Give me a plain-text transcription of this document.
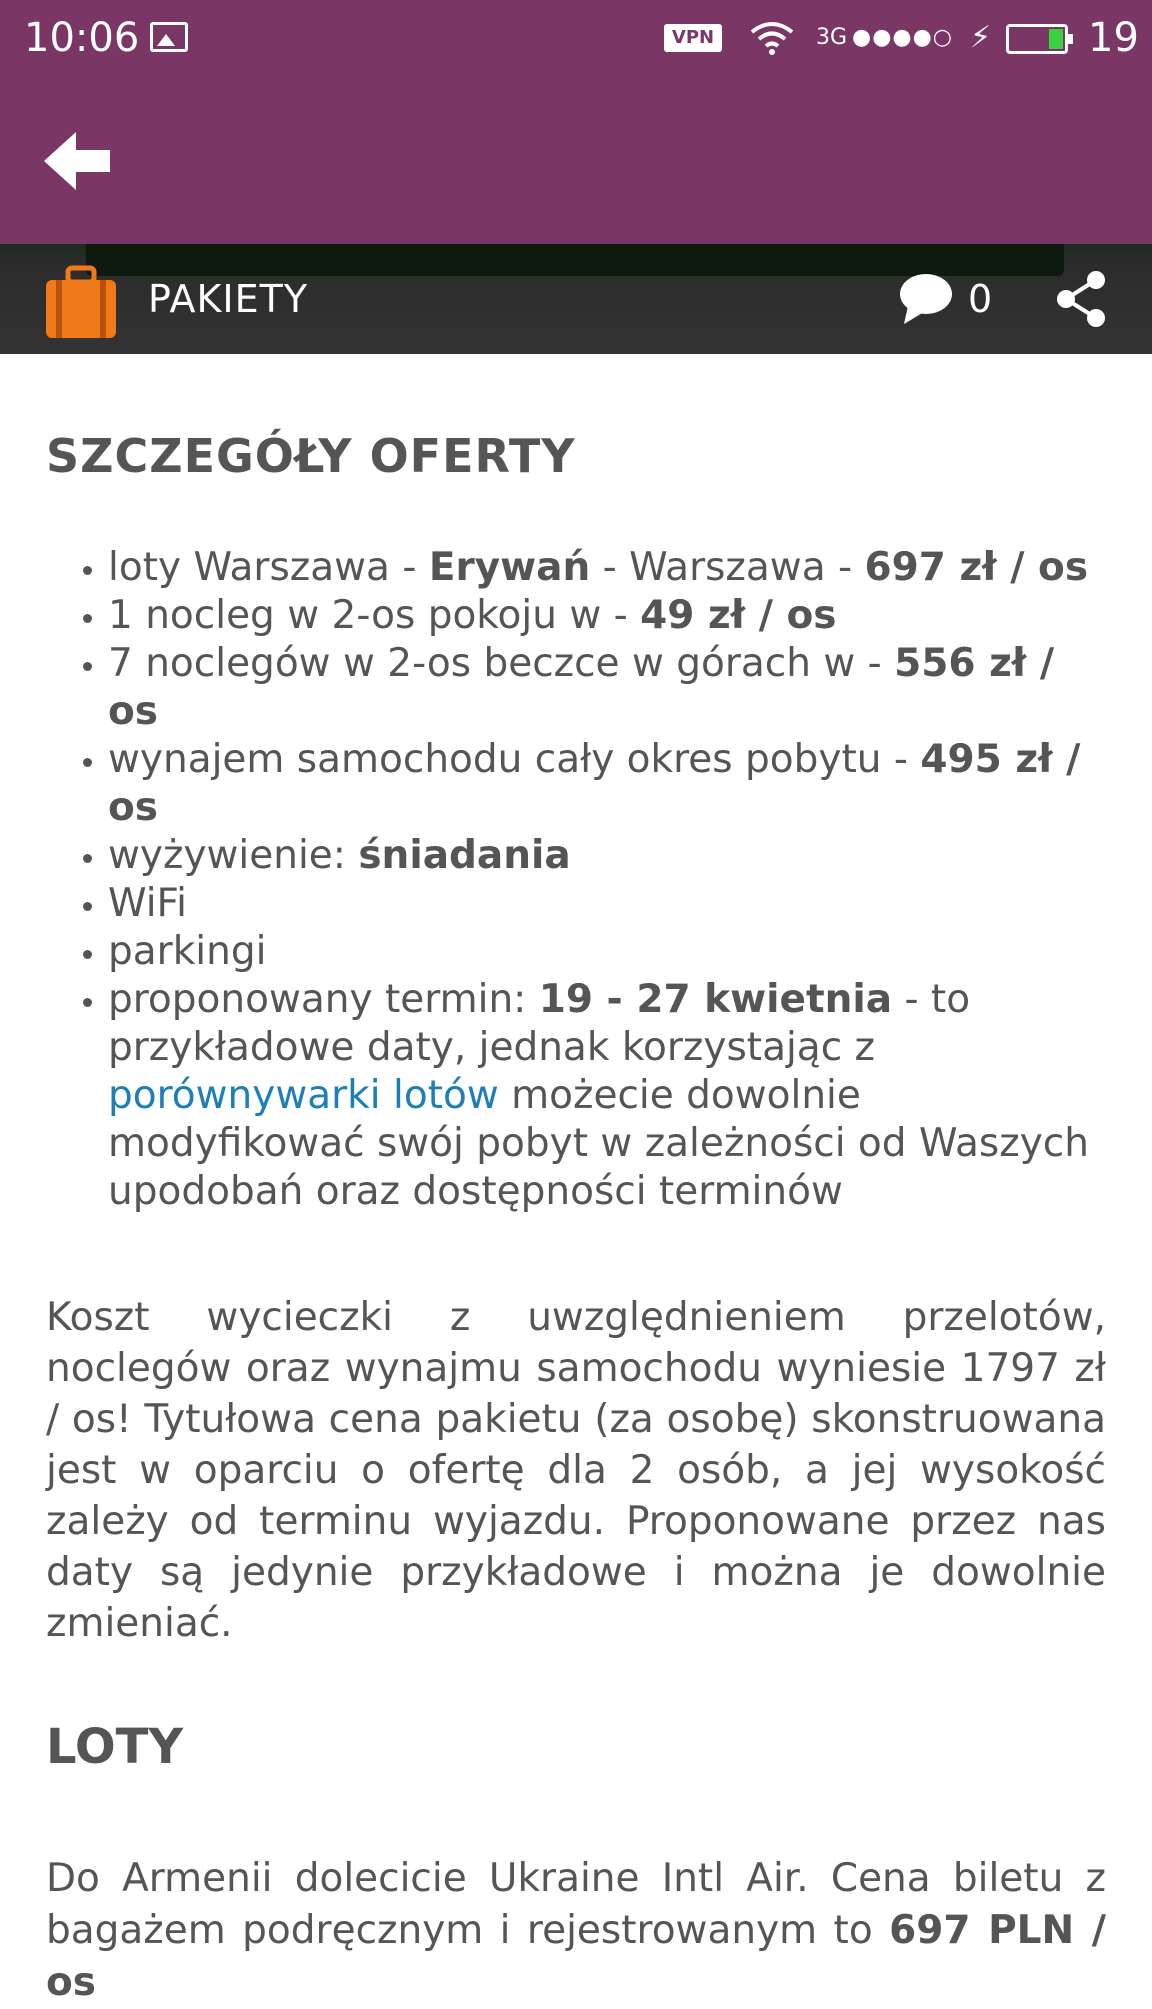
10:06	VPN	3G ●●●●○ ⚡ 19
PAKIETY	0
SZCZEGÓŁY OFERTY
• loty Warszawa - Erywań - Warszawa - 697 zł / os
• 1 nocleg w 2-os pokoju w - 49 zł / os
• 7 noclegów w 2-os beczce w górach w - 556 zł / os
• wynajem samochodu cały okres pobytu - 495 zł / os
• wyżywienie: śniadania
• WiFi
• parkingi
• proponowany termin: 19 - 27 kwietnia - to przykładowe daty, jednak korzystając z porównywarki lotów możecie dowolnie modyfikować swój pobyt w zależności od Waszych upodobań oraz dostępności terminów

Koszt wycieczki z uwzględnieniem przelotów, noclegów oraz wynajmu samochodu wyniesie 1797 zł / os! Tytułowa cena pakietu (za osobę) skonstruowana jest w oparciu o ofertę dla 2 osób, a jej wysokość zależy od terminu wyjazdu. Proponowane przez nas daty są jedynie przykładowe i można je dowolnie zmieniać.

LOTY

Do Armenii dolecicie Ukraine Intl Air. Cena biletu z bagażem podręcznym i rejestrowanym to 697 PLN / os
